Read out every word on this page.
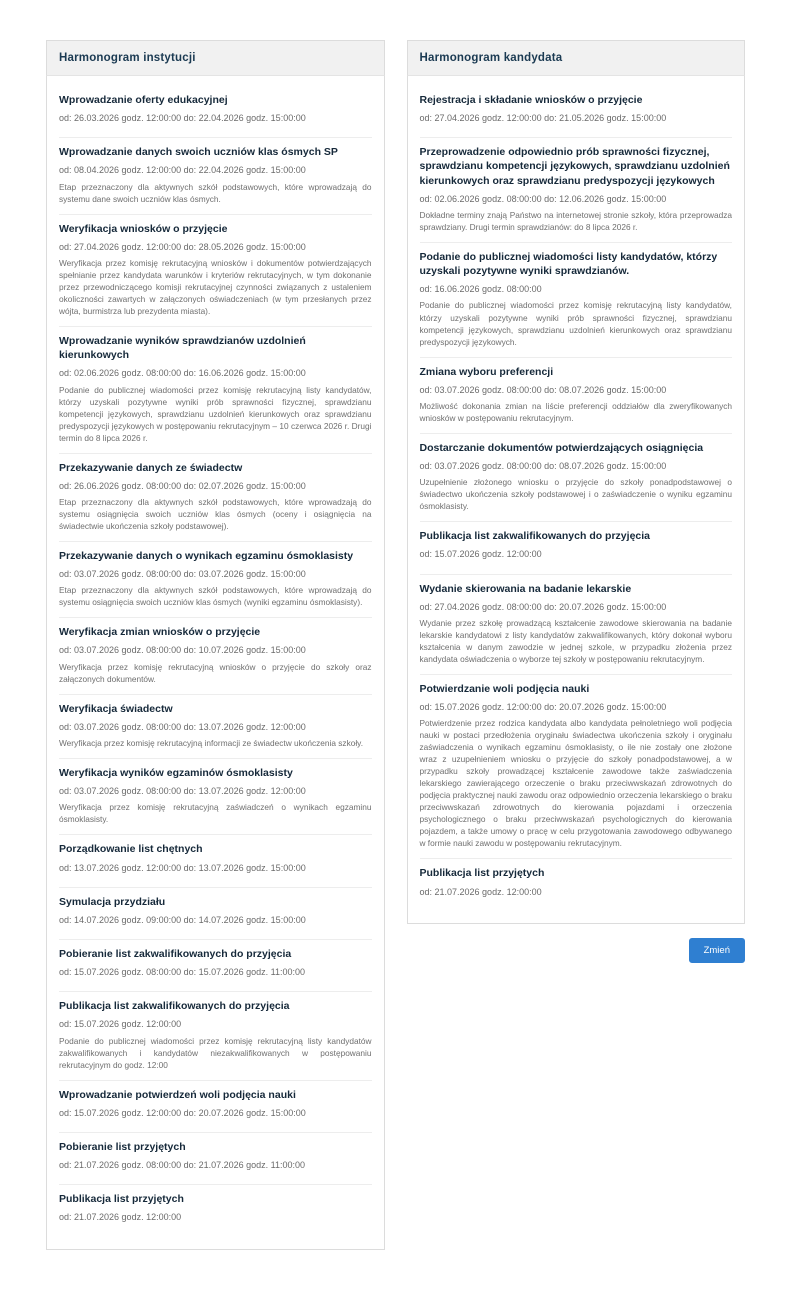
Harmonogram instytucji
Wprowadzanie oferty edukacyjnej
od: 26.03.2026 godz. 12:00:00 do: 22.04.2026 godz. 15:00:00
Wprowadzanie danych swoich uczniów klas ósmych SP
od: 08.04.2026 godz. 12:00:00 do: 22.04.2026 godz. 15:00:00
Etap przeznaczony dla aktywnych szkół podstawowych, które wprowadzają do systemu dane swoich uczniów klas ósmych.
Weryfikacja wniosków o przyjęcie
od: 27.04.2026 godz. 12:00:00 do: 28.05.2026 godz. 15:00:00
Weryfikacja przez komisję rekrutacyjną wniosków i dokumentów potwierdzających spełnianie przez kandydata warunków i kryteriów rekrutacyjnych, w tym dokonanie przez przewodniczącego komisji rekrutacyjnej czynności związanych z ustaleniem okoliczności zawartych w załączonych oświadczeniach (w tym przesłanych przez wójta, burmistrza lub prezydenta miasta).
Wprowadzanie wyników sprawdzianów uzdolnień kierunkowych
od: 02.06.2026 godz. 08:00:00 do: 16.06.2026 godz. 15:00:00
Podanie do publicznej wiadomości przez komisję rekrutacyjną listy kandydatów, którzy uzyskali pozytywne wyniki prób sprawności fizycznej, sprawdzianu kompetencji językowych, sprawdzianu uzdolnień kierunkowych oraz sprawdzianu predyspozycji językowych w postępowaniu rekrutacyjnym – 10 czerwca 2026 r. Drugi termin do 8 lipca 2026 r.
Przekazywanie danych ze świadectw
od: 26.06.2026 godz. 08:00:00 do: 02.07.2026 godz. 15:00:00
Etap przeznaczony dla aktywnych szkół podstawowych, które wprowadzają do systemu osiągnięcia swoich uczniów klas ósmych (oceny i osiągnięcia na świadectwie ukończenia szkoły podstawowej).
Przekazywanie danych o wynikach egzaminu ósmoklasisty
od: 03.07.2026 godz. 08:00:00 do: 03.07.2026 godz. 15:00:00
Etap przeznaczony dla aktywnych szkół podstawowych, które wprowadzają do systemu osiągnięcia swoich uczniów klas ósmych (wyniki egzaminu ósmoklasisty).
Weryfikacja zmian wniosków o przyjęcie
od: 03.07.2026 godz. 08:00:00 do: 10.07.2026 godz. 15:00:00
Weryfikacja przez komisję rekrutacyjną wniosków o przyjęcie do szkoły oraz załączonych dokumentów.
Weryfikacja świadectw
od: 03.07.2026 godz. 08:00:00 do: 13.07.2026 godz. 12:00:00
Weryfikacja przez komisję rekrutacyjną informacji ze świadectw ukończenia szkoły.
Weryfikacja wyników egzaminów ósmoklasisty
od: 03.07.2026 godz. 08:00:00 do: 13.07.2026 godz. 12:00:00
Weryfikacja przez komisję rekrutacyjną zaświadczeń o wynikach egzaminu ósmoklasisty.
Porządkowanie list chętnych
od: 13.07.2026 godz. 12:00:00 do: 13.07.2026 godz. 15:00:00
Symulacja przydziału
od: 14.07.2026 godz. 09:00:00 do: 14.07.2026 godz. 15:00:00
Pobieranie list zakwalifikowanych do przyjęcia
od: 15.07.2026 godz. 08:00:00 do: 15.07.2026 godz. 11:00:00
Publikacja list zakwalifikowanych do przyjęcia
od: 15.07.2026 godz. 12:00:00
Podanie do publicznej wiadomości przez komisję rekrutacyjną listy kandydatów zakwalifikowanych i kandydatów niezakwalifikowanych w postępowaniu rekrutacyjnym do godz. 12:00
Wprowadzanie potwierdzeń woli podjęcia nauki
od: 15.07.2026 godz. 12:00:00 do: 20.07.2026 godz. 15:00:00
Pobieranie list przyjętych
od: 21.07.2026 godz. 08:00:00 do: 21.07.2026 godz. 11:00:00
Publikacja list przyjętych
od: 21.07.2026 godz. 12:00:00
Harmonogram kandydata
Rejestracja i składanie wniosków o przyjęcie
od: 27.04.2026 godz. 12:00:00 do: 21.05.2026 godz. 15:00:00
Przeprowadzenie odpowiednio prób sprawności fizycznej, sprawdzianu kompetencji językowych, sprawdzianu uzdolnień kierunkowych oraz sprawdzianu predyspozycji językowych
od: 02.06.2026 godz. 08:00:00 do: 12.06.2026 godz. 15:00:00
Dokładne terminy znają Państwo na internetowej stronie szkoły, która przeprowadza sprawdziany. Drugi termin sprawdzianów: do 8 lipca 2026 r.
Podanie do publicznej wiadomości listy kandydatów, którzy uzyskali pozytywne wyniki sprawdzianów.
od: 16.06.2026 godz. 08:00:00
Podanie do publicznej wiadomości przez komisję rekrutacyjną listy kandydatów, którzy uzyskali pozytywne wyniki prób sprawności fizycznej, sprawdzianu kompetencji językowych, sprawdzianu uzdolnień kierunkowych oraz sprawdzianu predyspozycji językowych.
Zmiana wyboru preferencji
od: 03.07.2026 godz. 08:00:00 do: 08.07.2026 godz. 15:00:00
Możliwość dokonania zmian na liście preferencji oddziałów dla zweryfikowanych wniosków w postępowaniu rekrutacyjnym.
Dostarczanie dokumentów potwierdzających osiągnięcia
od: 03.07.2026 godz. 08:00:00 do: 08.07.2026 godz. 15:00:00
Uzupełnienie złożonego wniosku o przyjęcie do szkoły ponadpodstawowej o świadectwo ukończenia szkoły podstawowej i o zaświadczenie o wyniku egzaminu ósmoklasisty.
Publikacja list zakwalifikowanych do przyjęcia
od: 15.07.2026 godz. 12:00:00
Wydanie skierowania na badanie lekarskie
od: 27.04.2026 godz. 08:00:00 do: 20.07.2026 godz. 15:00:00
Wydanie przez szkołę prowadzącą kształcenie zawodowe skierowania na badanie lekarskie kandydatowi z listy kandydatów zakwalifikowanych, który dokonał wyboru kształcenia w danym zawodzie w jednej szkole, w przypadku złożenia przez kandydata oświadczenia o wyborze tej szkoły w postępowaniu rekrutacyjnym.
Potwierdzanie woli podjęcia nauki
od: 15.07.2026 godz. 12:00:00 do: 20.07.2026 godz. 15:00:00
Potwierdzenie przez rodzica kandydata albo kandydata pełnoletniego woli podjęcia nauki w postaci przedłożenia oryginału świadectwa ukończenia szkoły i oryginału zaświadczenia o wynikach egzaminu ósmoklasisty, o ile nie zostały one złożone wraz z uzupełnieniem wniosku o przyjęcie do szkoły ponadpodstawowej, a w przypadku szkoły prowadzącej kształcenie zawodowe także zaświadczenia lekarskiego zawierającego orzeczenie o braku przeciwwskazań zdrowotnych do podjęcia praktycznej nauki zawodu oraz odpowiednio orzeczenia lekarskiego o braku przeciwwskazań zdrowotnych do kierowania pojazdami i orzeczenia psychologicznego o braku przeciwwskazań psychologicznych do kierowania pojazdem, a także umowy o pracę w celu przygotowania zawodowego odbywanego w formie nauki zawodu w postępowaniu rekrutacyjnym.
Publikacja list przyjętych
od: 21.07.2026 godz. 12:00:00
Zmień
